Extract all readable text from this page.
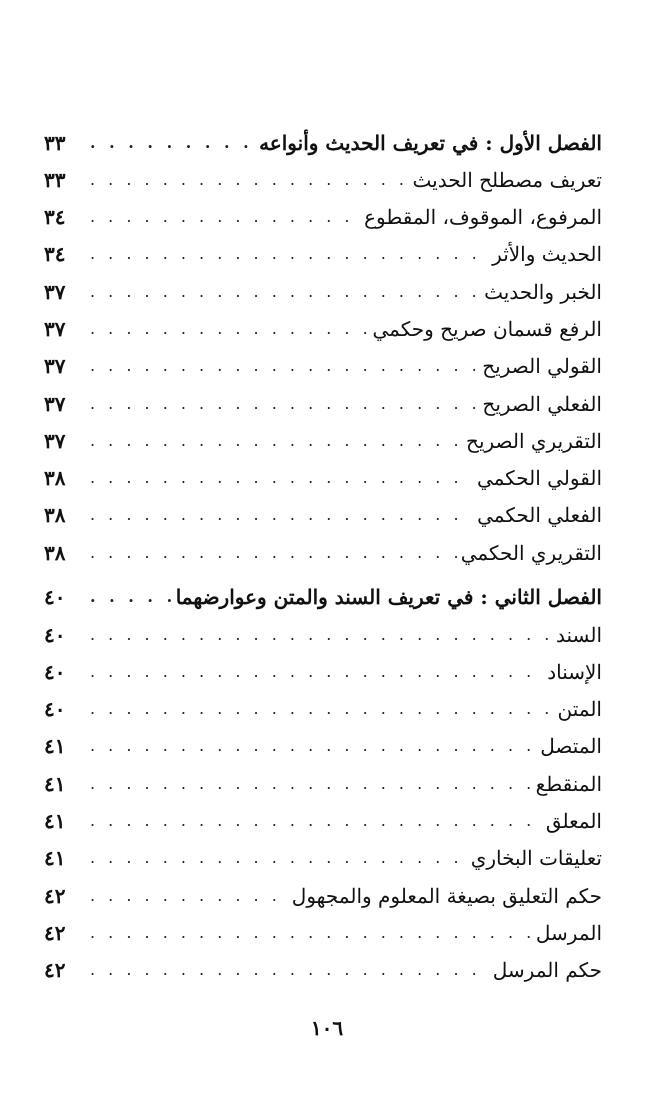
الفصل الأول : في تعريف الحديث وأنواعه
. . .
٣٣
تعريف مصطلح الحديث
. . .
٣٣
المرفوع، الموقوف، المقطوع
. . .
٣٤
الحديث والأثر
. . .
٣٤
الخبر والحديث
. . .
٣٧
الرفع قسمان صريح وحكمي
. . .
٣٧
القولي الصريح
. . .
٣٧
الفعلي الصريح
. . .
٣٧
التقريري الصريح
. . .
٣٧
القولي الحكمي
. . .
٣٨
الفعلي الحكمي
. . .
٣٨
التقريري الحكمي
. . .
٣٨
الفصل الثاني : في تعريف السند والمتن وعوارضهما
. . .
٤٠
السند
. . .
٤٠
الإسناد
. . .
٤٠
المتن
. . .
٤٠
المتصل
. . .
٤١
المنقطع
. . .
٤١
المعلق
. . .
٤١
تعليقات البخاري
. . .
٤١
حكم التعليق بصيغة المعلوم والمجهول
. . .
٤٢
المرسل
. . .
٤٢
حكم المرسل
. . .
٤٢
١٠٦
